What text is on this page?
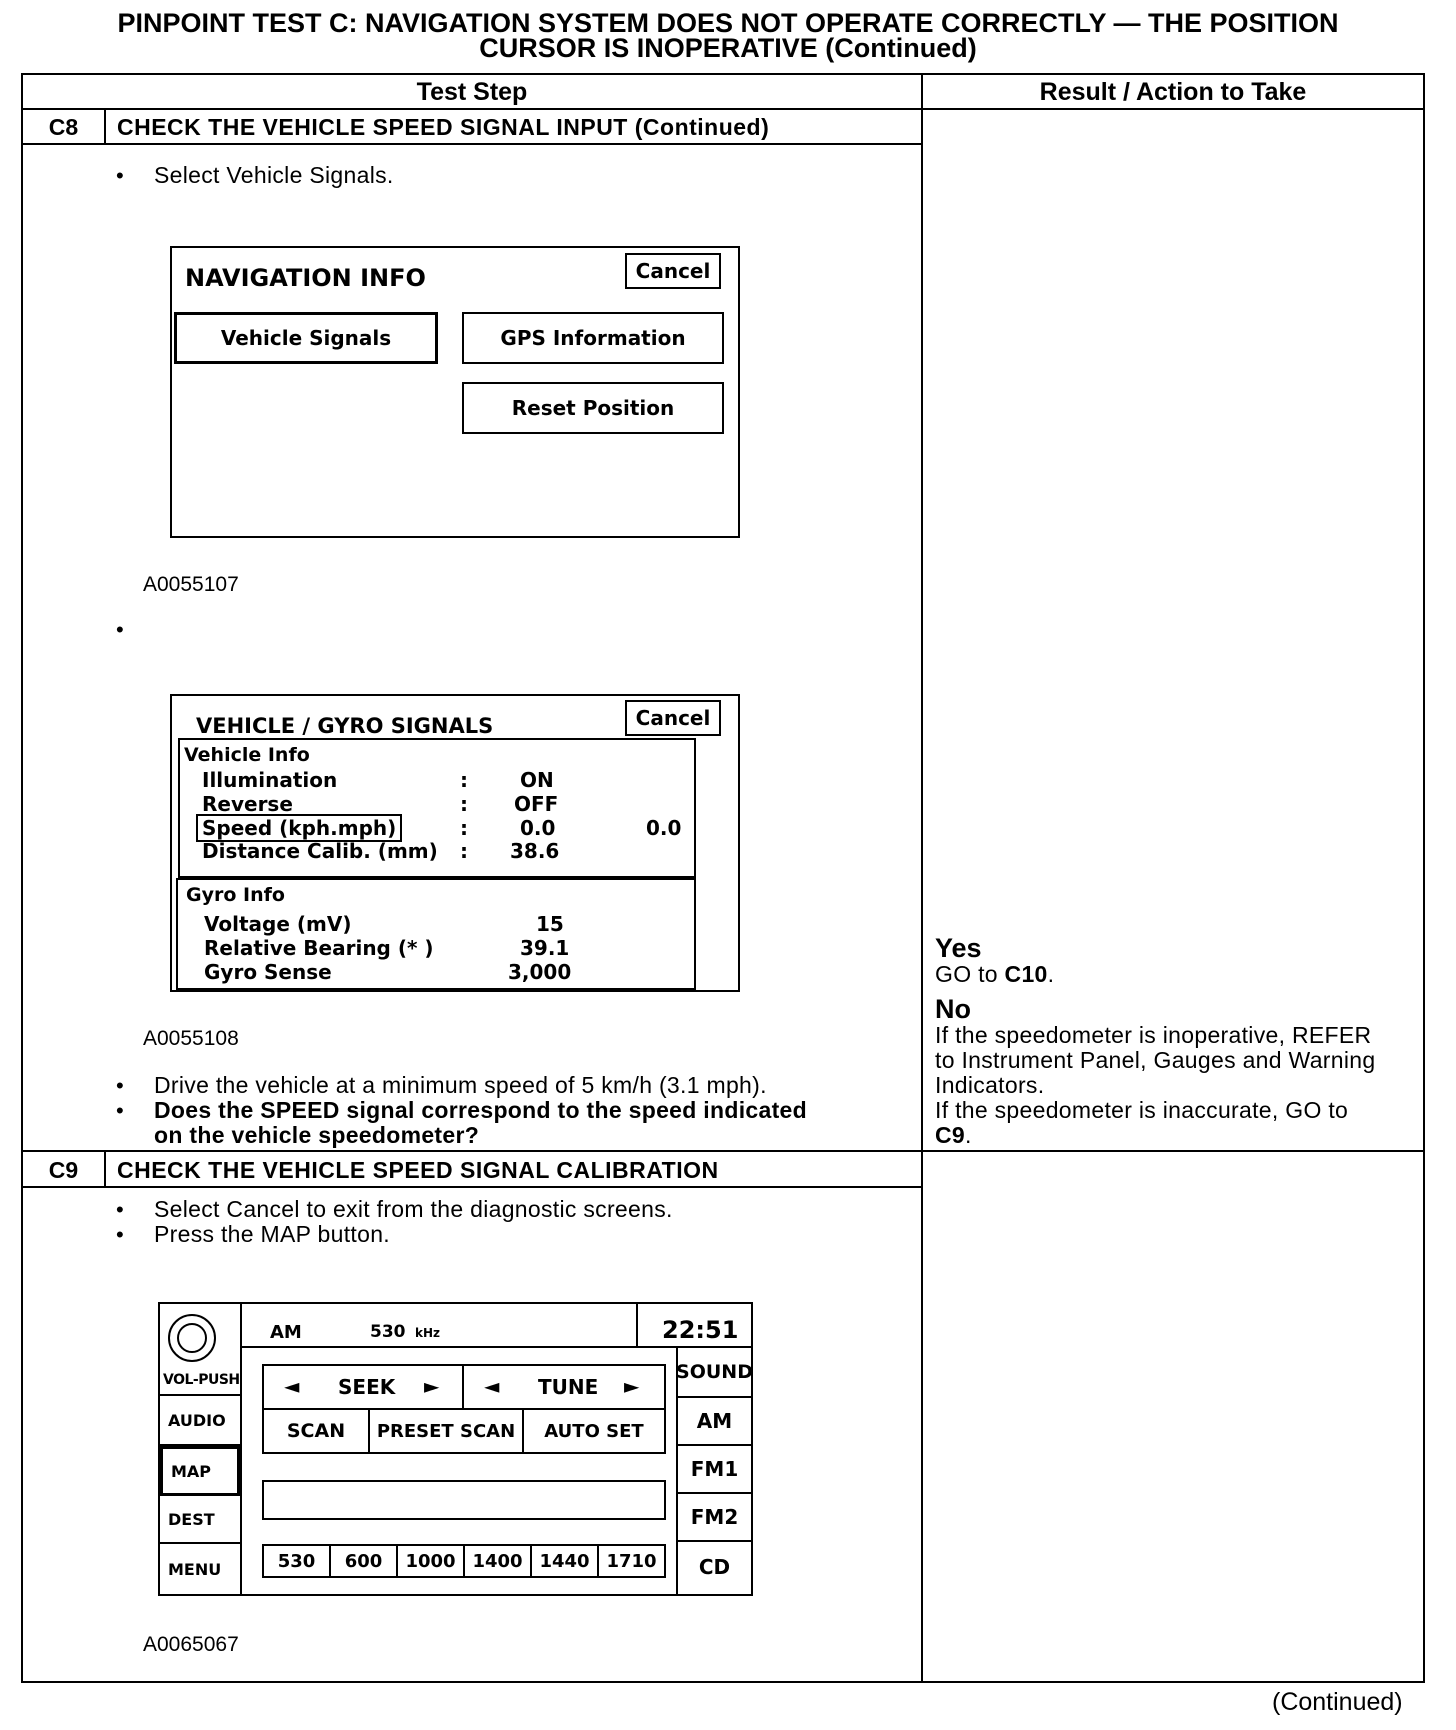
PINPOINT TEST C: NAVIGATION SYSTEM DOES NOT OPERATE CORRECTLY — THE POSITION
CURSOR IS INOPERATIVE (Continued)
Test Step	Result / Action to Take
C8	CHECK THE VEHICLE SPEED SIGNAL INPUT (Continued)
• Select Vehicle Signals.
NAVIGATION INFO	Cancel
Vehicle Signals	GPS Information
Reset Position
A0055107
•
VEHICLE / GYRO SIGNALS	Cancel
Vehicle Info
Illumination	:	ON
Reverse	: OFF
Speed (kph.mph)	:	0.0	0.0
Distance Calib. (mm) : 38.6
Gyro Info
Voltage (mV)	15
Relative Bearing (* )	39.1
Gyro Sense	3,000
A0055108
• Drive the vehicle at a minimum speed of 5 km/h (3.1 mph).
• Does the SPEED signal correspond to the speed indicated
on the vehicle speedometer?
Yes
GO to C10.
No
If the speedometer is inoperative, REFER
to Instrument Panel, Gauges and Warning
Indicators.
If the speedometer is inaccurate, GO to
C9.
C9	CHECK THE VEHICLE SPEED SIGNAL CALIBRATION
• Select Cancel to exit from the diagnostic screens.
• Press the MAP button.
VOL-PUSH
AUDIO
MAP
DEST
MENU
AM	530 kHz	22:51
SOUND
AM
FM1
FM2
CD
◄ SEEK ► ◄ TUNE ►
SCAN	PRESET SCAN	AUTO SET
530	600	1000 1400 1440 1710
A0065067
(Continued)
